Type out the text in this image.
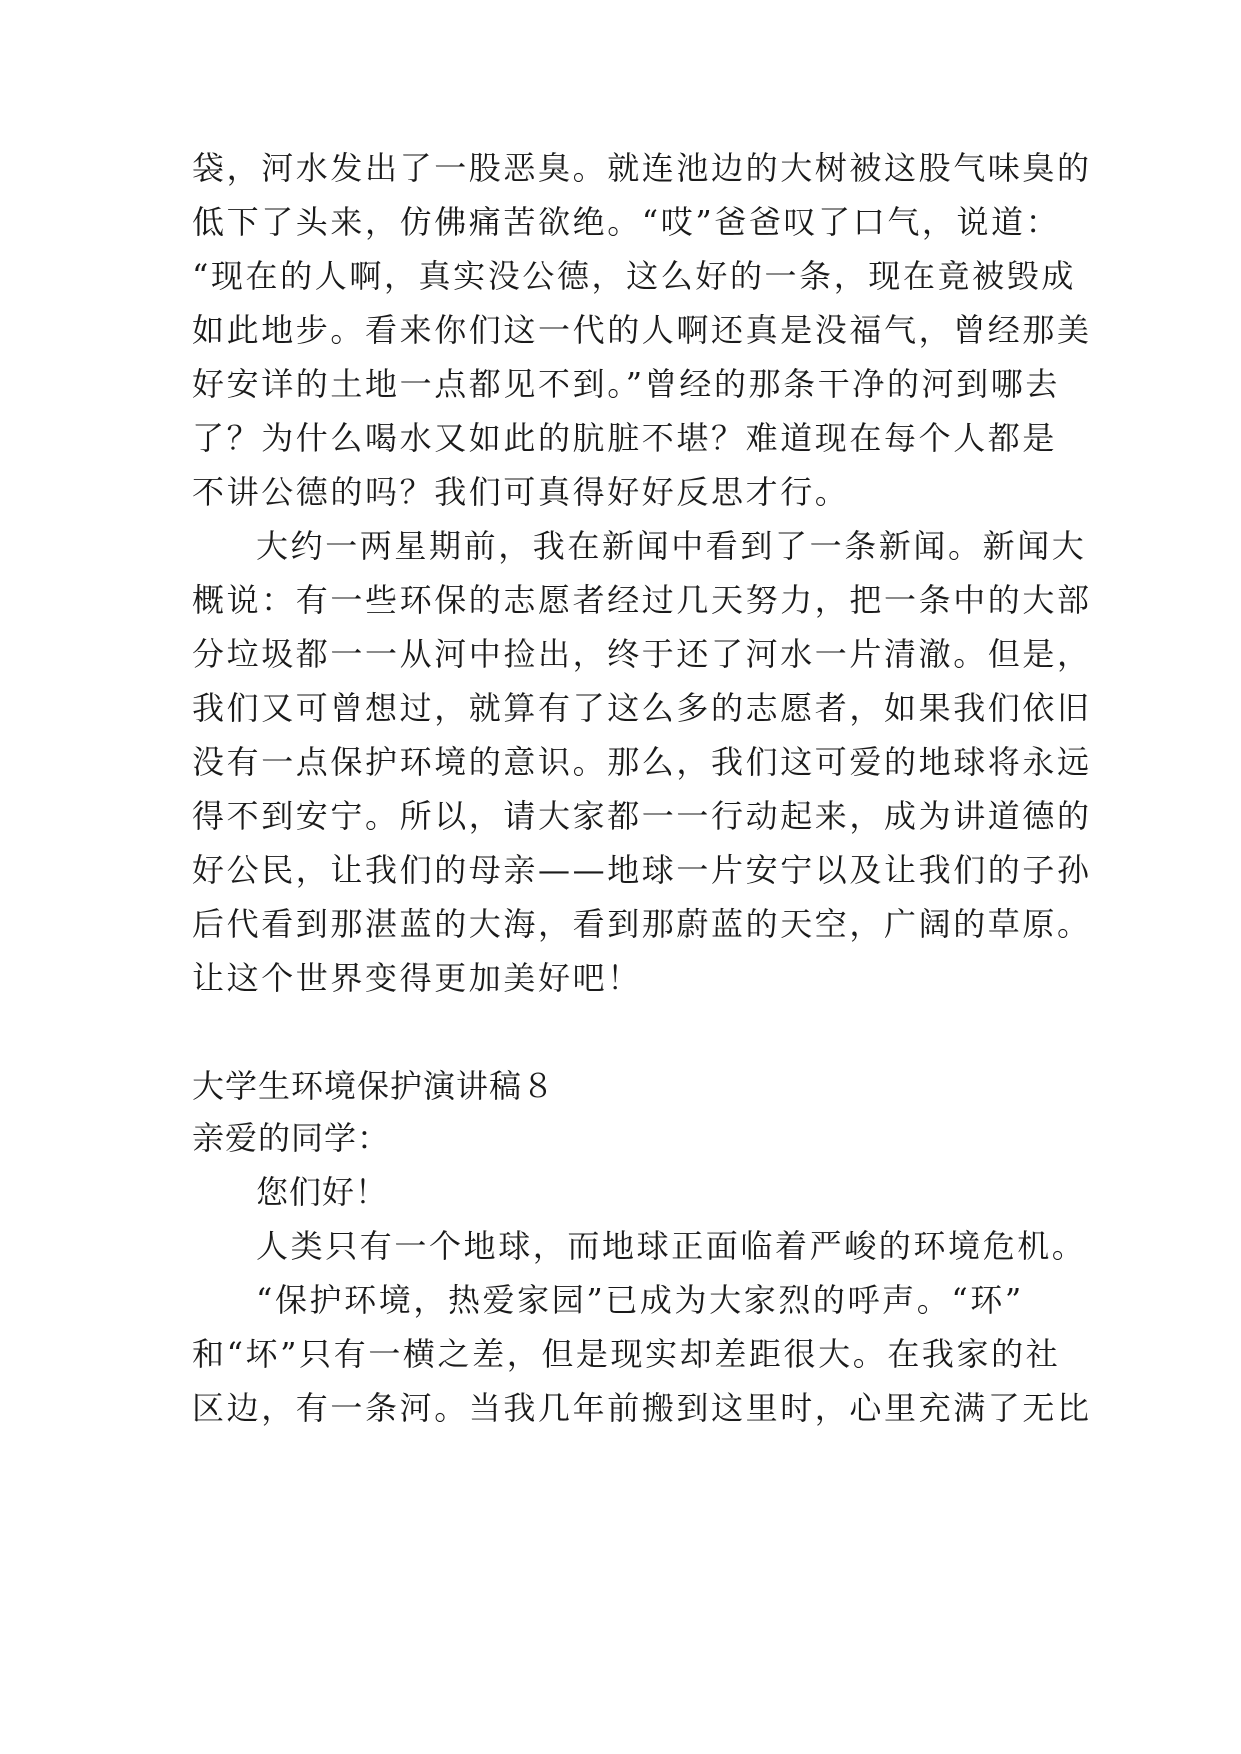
袋，河水发出了一股恶臭。就连池边的大树被这股气味臭的
低下了头来，仿佛痛苦欲绝。“哎”爸爸叹了口气，说道：
“现在的人啊，真实没公德，这么好的一条，现在竟被毁成
如此地步。看来你们这一代的人啊还真是没福气，曾经那美
好安详的土地一点都见不到。”曾经的那条干净的河到哪去
了？为什么喝水又如此的肮脏不堪？难道现在每个人都是
不讲公德的吗？我们可真得好好反思才行。
大约一两星期前，我在新闻中看到了一条新闻。新闻大
概说：有一些环保的志愿者经过几天努力，把一条中的大部
分垃圾都一一从河中捡出，终于还了河水一片清澈。但是，
我们又可曾想过，就算有了这么多的志愿者，如果我们依旧
没有一点保护环境的意识。那么，我们这可爱的地球将永远
得不到安宁。所以，请大家都一一行动起来，成为讲道德的
好公民，让我们的母亲——地球一片安宁以及让我们的子孙
后代看到那湛蓝的大海，看到那蔚蓝的天空，广阔的草原。
让这个世界变得更加美好吧！
大学生环境保护演讲稿８
亲爱的同学：
您们好！
人类只有一个地球，而地球正面临着严峻的环境危机。
“保护环境，热爱家园”已成为大家烈的呼声。“环”
和“坏”只有一横之差，但是现实却差距很大。在我家的社
区边，有一条河。当我几年前搬到这里时，心里充满了无比
